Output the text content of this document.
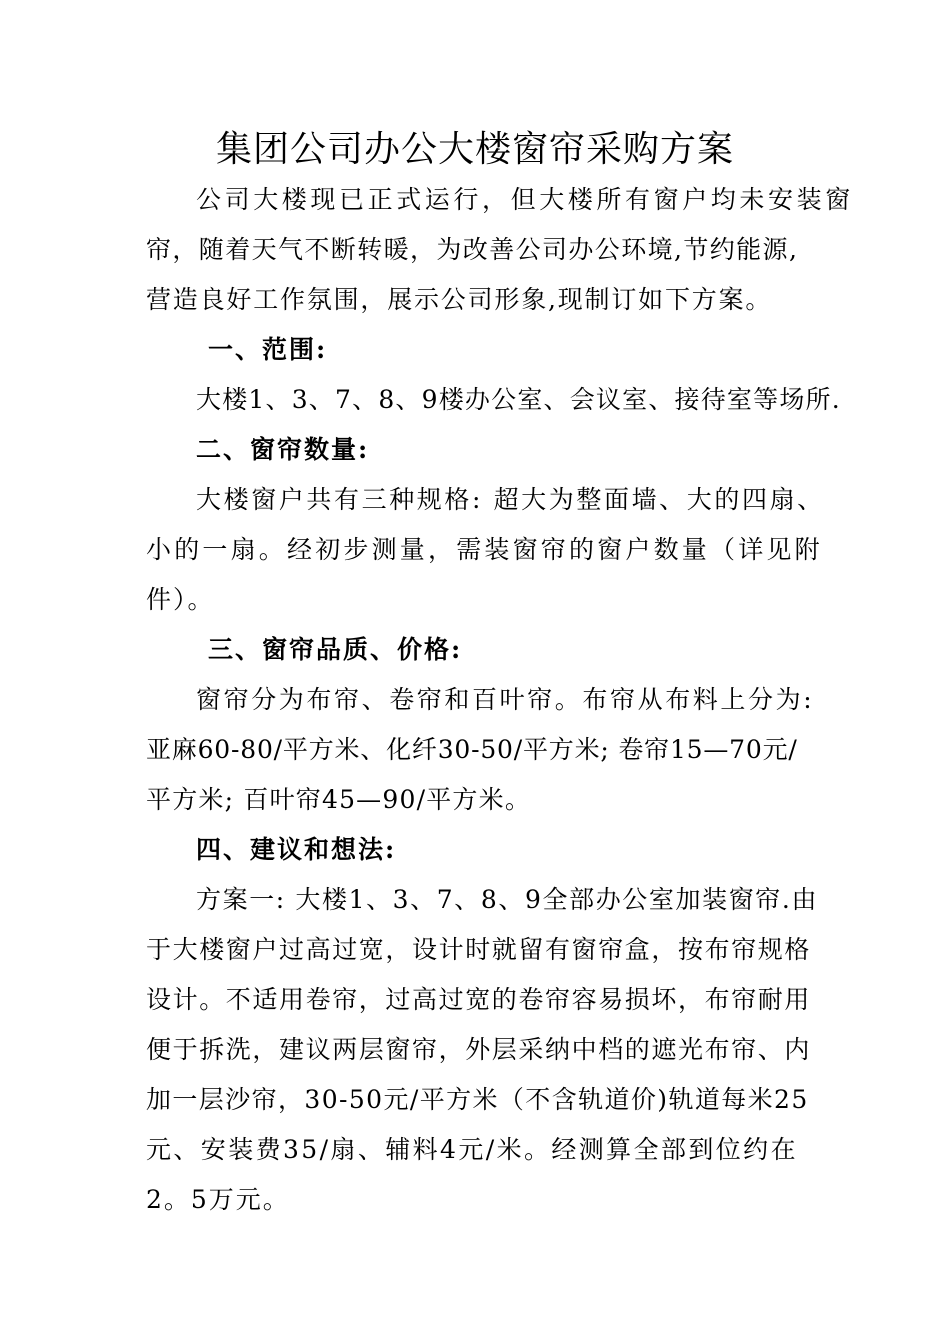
集团公司办公大楼窗帘采购方案
公司大楼现已正式运行，但大楼所有窗户均未安装窗
帘，随着天气不断转暖，为改善公司办公环境,节约能源,
营造良好工作氛围，展示公司形象,现制订如下方案。
一、范围:
大楼1、3、7、8、9楼办公室、会议室、接待室等场所.
二、窗帘数量:
大楼窗户共有三种规格: 超大为整面墙、大的四扇、
小的一扇。经初步测量，需装窗帘的窗户数量（详见附
件）。
三、窗帘品质、价格:
窗帘分为布帘、卷帘和百叶帘。布帘从布料上分为:
亚麻60-80/平方米、化纤30-50/平方米; 卷帘15—70元/
平方米; 百叶帘45—90/平方米。
四、建议和想法:
方案一: 大楼1、3、7、8、9全部办公室加装窗帘.由
于大楼窗户过高过宽，设计时就留有窗帘盒，按布帘规格
设计。不适用卷帘，过高过宽的卷帘容易损坏，布帘耐用
便于拆洗，建议两层窗帘，外层采纳中档的遮光布帘、内
加一层沙帘，30-50元/平方米（不含轨道价)轨道每米25
元、安装费35/扇、辅料4元/米。经测算全部到位约在
2。5万元。
